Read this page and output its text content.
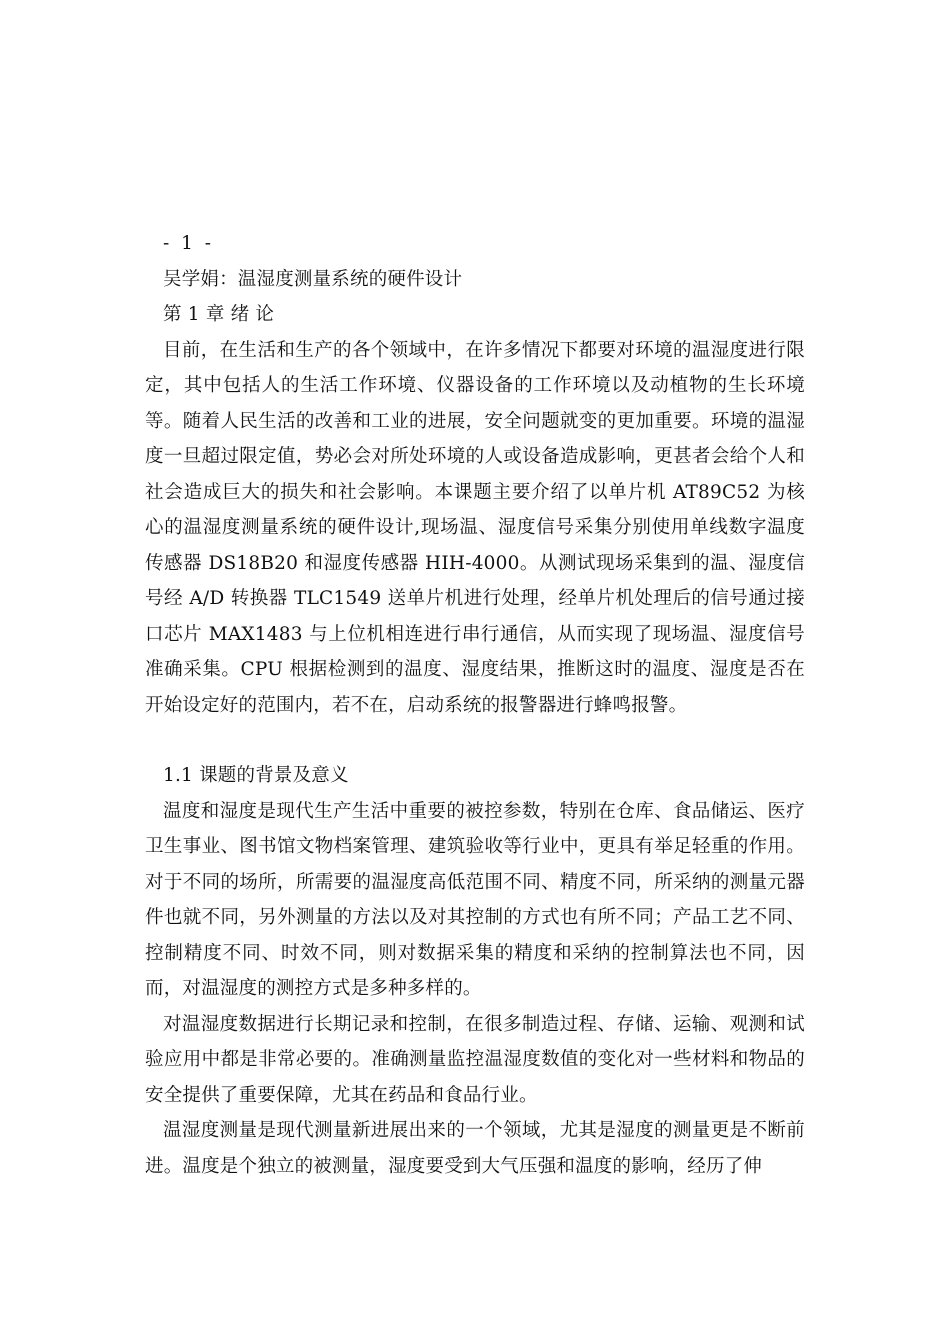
- 1 -
吴学娟：温湿度测量系统的硬件设计
第 1 章 绪 论

目前，在生活和生产的各个领域中，在许多情况下都要对环境的温湿度进行限定，其中包括人的生活工作环境、仪器设备的工作环境以及动植物的生长环境等。随着人民生活的改善和工业的进展，安全问题就变的更加重要。环境的温湿度一旦超过限定值，势必会对所处环境的人或设备造成影响，更甚者会给个人和社会造成巨大的损失和社会影响。本课题主要介绍了以单片机 AT89C52 为核心的温湿度测量系统的硬件设计,现场温、湿度信号采集分别使用单线数字温度传感器 DS18B20 和湿度传感器 HIH-4000。从测试现场采集到的温、湿度信号经 A/D 转换器 TLC1549 送单片机进行处理，经单片机处理后的信号通过接口芯片 MAX1483 与上位机相连进行串行通信，从而实现了现场温、湿度信号准确采集。CPU 根据检测到的温度、湿度结果，推断这时的温度、湿度是否在开始设定好的范围内，若不在，启动系统的报警器进行蜂鸣报警。

1.1 课题的背景及意义

温度和湿度是现代生产生活中重要的被控参数，特别在仓库、食品储运、医疗卫生事业、图书馆文物档案管理、建筑验收等行业中，更具有举足轻重的作用。对于不同的场所，所需要的温湿度高低范围不同、精度不同，所采纳的测量元器件也就不同，另外测量的方法以及对其控制的方式也有所不同；产品工艺不同、控制精度不同、时效不同，则对数据采集的精度和采纳的控制算法也不同，因而，对温湿度的测控方式是多种多样的。

对温湿度数据进行长期记录和控制，在很多制造过程、存储、运输、观测和试验应用中都是非常必要的。准确测量监控温湿度数值的变化对一些材料和物品的安全提供了重要保障，尤其在药品和食品行业。

温湿度测量是现代测量新进展出来的一个领域，尤其是湿度的测量更是不断前进。温度是个独立的被测量，湿度要受到大气压强和温度的影响，经历了伸
